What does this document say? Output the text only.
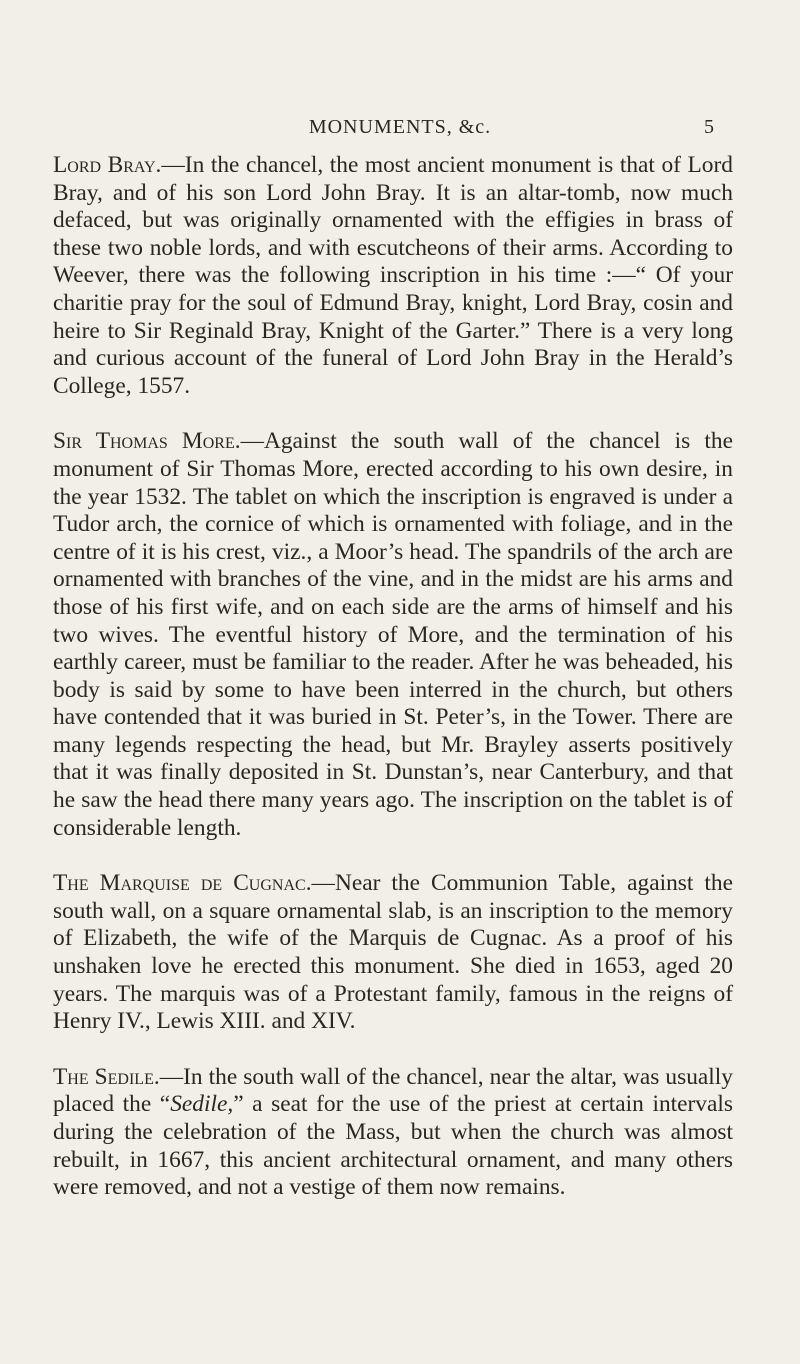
MONUMENTS, &c.	5

Lord Bray.—In the chancel, the most ancient monument is that of Lord Bray, and of his son Lord John Bray. It is an altar-tomb, now much defaced, but was originally ornamented with the effigies in brass of these two noble lords, and with escutcheons of their arms. According to Weever, there was the following inscription in his time :—“ Of your charitie pray for the soul of Edmund Bray, knight, Lord Bray, cosin and heire to Sir Reginald Bray, Knight of the Garter.” There is a very long and curious account of the funeral of Lord John Bray in the Herald’s College, 1557.

Sir Thomas More.—Against the south wall of the chancel is the monument of Sir Thomas More, erected according to his own desire, in the year 1532. The tablet on which the inscription is engraved is under a Tudor arch, the cornice of which is ornamented with foliage, and in the centre of it is his crest, viz., a Moor’s head. The spandrils of the arch are ornamented with branches of the vine, and in the midst are his arms and those of his first wife, and on each side are the arms of himself and his two wives. The eventful history of More, and the termination of his earthly career, must be familiar to the reader. After he was beheaded, his body is said by some to have been interred in the church, but others have contended that it was buried in St. Peter’s, in the Tower. There are many legends respecting the head, but Mr. Brayley asserts positively that it was finally deposited in St. Dunstan’s, near Canterbury, and that he saw the head there many years ago. The inscription on the tablet is of considerable length.

The Marquise de Cugnac.—Near the Communion Table, against the south wall, on a square ornamental slab, is an inscription to the memory of Elizabeth, the wife of the Marquis de Cugnac. As a proof of his unshaken love he erected this monument. She died in 1653, aged 20 years. The marquis was of a Protestant family, famous in the reigns of Henry IV., Lewis XIII. and XIV.

The Sedile.—In the south wall of the chancel, near the altar, was usually placed the “Sedile,” a seat for the use of the priest at certain intervals during the celebration of the Mass, but when the church was almost rebuilt, in 1667, this ancient architectural ornament, and many others were removed, and not a vestige of them now remains.
